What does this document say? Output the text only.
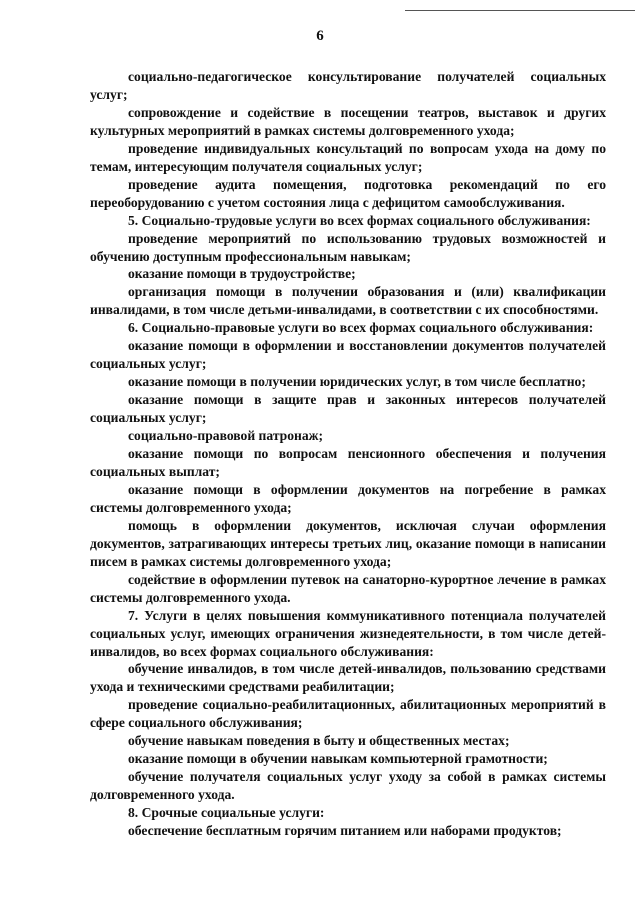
6

социально-педагогическое консультирование получателей социальных услуг;

сопровождение и содействие в посещении театров, выставок и других культурных мероприятий в рамках системы долговременного ухода;

проведение индивидуальных консультаций по вопросам ухода на дому по темам, интересующим получателя социальных услуг;

проведение аудита помещения, подготовка рекомендаций по его переоборудованию с учетом состояния лица с дефицитом самообслуживания.

5. Социально-трудовые услуги во всех формах социального обслуживания:

проведение мероприятий по использованию трудовых возможностей и обучению доступным профессиональным навыкам;

оказание помощи в трудоустройстве;

организация помощи в получении образования и (или) квалификации инвалидами, в том числе детьми-инвалидами, в соответствии с их способностями.

6. Социально-правовые услуги во всех формах социального обслуживания:

оказание помощи в оформлении и восстановлении документов получателей социальных услуг;

оказание помощи в получении юридических услуг, в том числе бесплатно;

оказание помощи в защите прав и законных интересов получателей социальных услуг;

социально-правовой патронаж;

оказание помощи по вопросам пенсионного обеспечения и получения социальных выплат;

оказание помощи в оформлении документов на погребение в рамках системы долговременного ухода;

помощь в оформлении документов, исключая случаи оформления документов, затрагивающих интересы третьих лиц, оказание помощи в написании писем в рамках системы долговременного ухода;

содействие в оформлении путевок на санаторно-курортное лечение в рамках системы долговременного ухода.

7. Услуги в целях повышения коммуникативного потенциала получателей социальных услуг, имеющих ограничения жизнедеятельности, в том числе детей-инвалидов, во всех формах социального обслуживания:

обучение инвалидов, в том числе детей-инвалидов, пользованию средствами ухода и техническими средствами реабилитации;

проведение социально-реабилитационных, абилитационных мероприятий в сфере социального обслуживания;

обучение навыкам поведения в быту и общественных местах;

оказание помощи в обучении навыкам компьютерной грамотности;

обучение получателя социальных услуг уходу за собой в рамках системы долговременного ухода.

8. Срочные социальные услуги:

обеспечение бесплатным горячим питанием или наборами продуктов;
